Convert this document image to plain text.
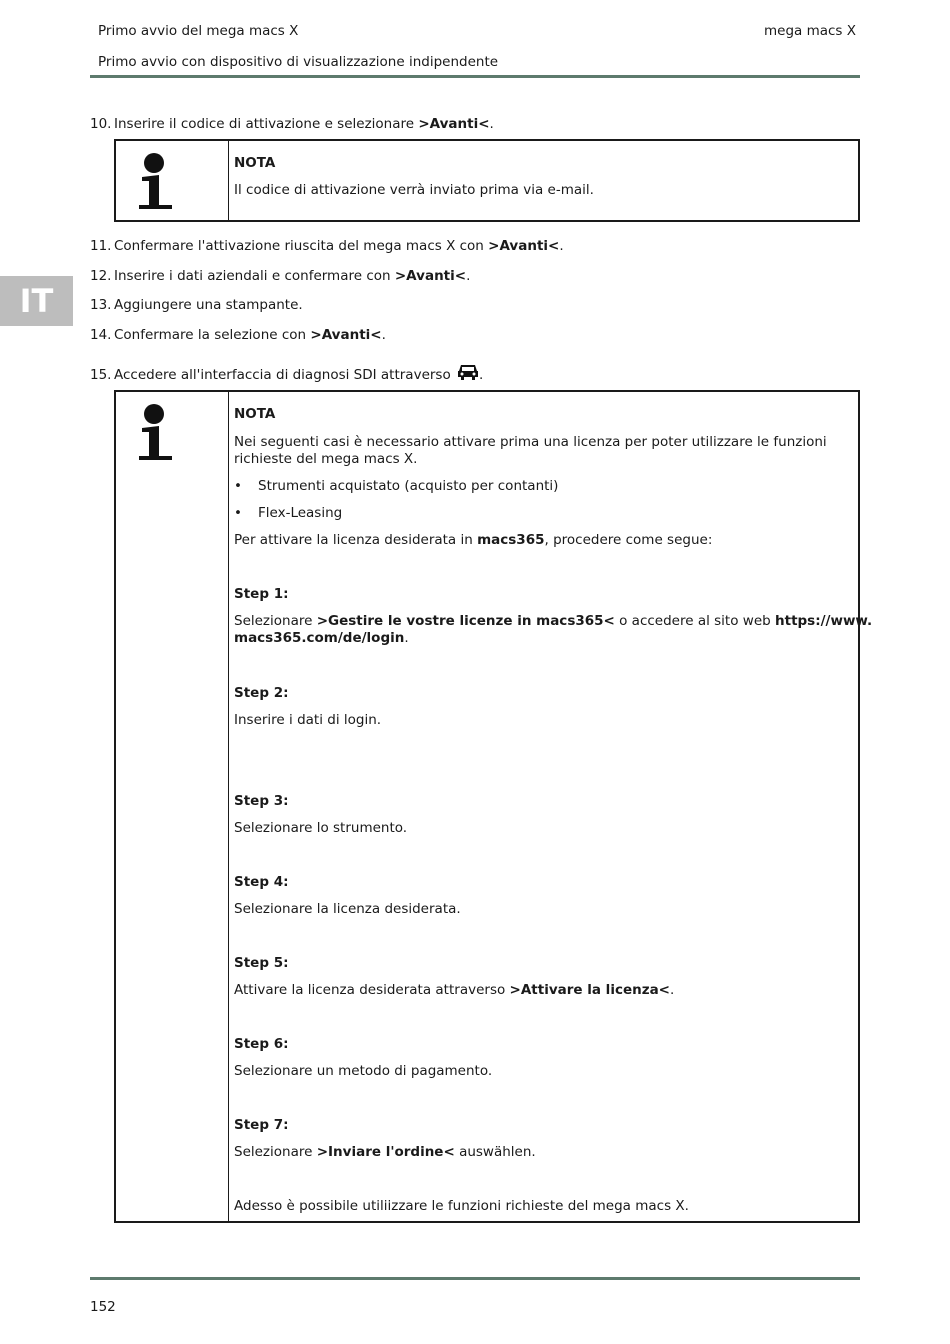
Primo avvio del mega macs X	mega macs X
Primo avvio con dispositivo di visualizzazione indipendente
IT
10. Inserire il codice di attivazione e selezionare >Avanti<.

NOTA

Il codice di attivazione verrà inviato prima via e-mail.

11. Confermare l'attivazione riuscita del mega macs X con >Avanti<.
12. Inserire i dati aziendali e confermare con >Avanti<.
13. Aggiungere una stampante.
14. Confermare la selezione con >Avanti<.
15. Accedere all'interfaccia di diagnosi SDI attraverso .

NOTA

Nei seguenti casi è necessario attivare prima una licenza per poter utilizzare le funzioni

richieste del mega macs X.

• Strumenti acquistato (acquisto per contanti)
• Flex-Leasing

Per attivare la licenza desiderata in macs365, procedere come segue:

Step 1:

Selezionare >Gestire le vostre licenze in macs365< o accedere al sito web https://www.

macs365.com/de/login.

Step 2:

Inserire i dati di login.

Step 3:

Selezionare lo strumento.

Step 4:

Selezionare la licenza desiderata.

Step 5:

Attivare la licenza desiderata attraverso >Attivare la licenza<.

Step 6:

Selezionare un metodo di pagamento.

Step 7:

Selezionare >Inviare l'ordine< auswählen.

Adesso è possibile utiliizzare le funzioni richieste del mega macs X.

152
